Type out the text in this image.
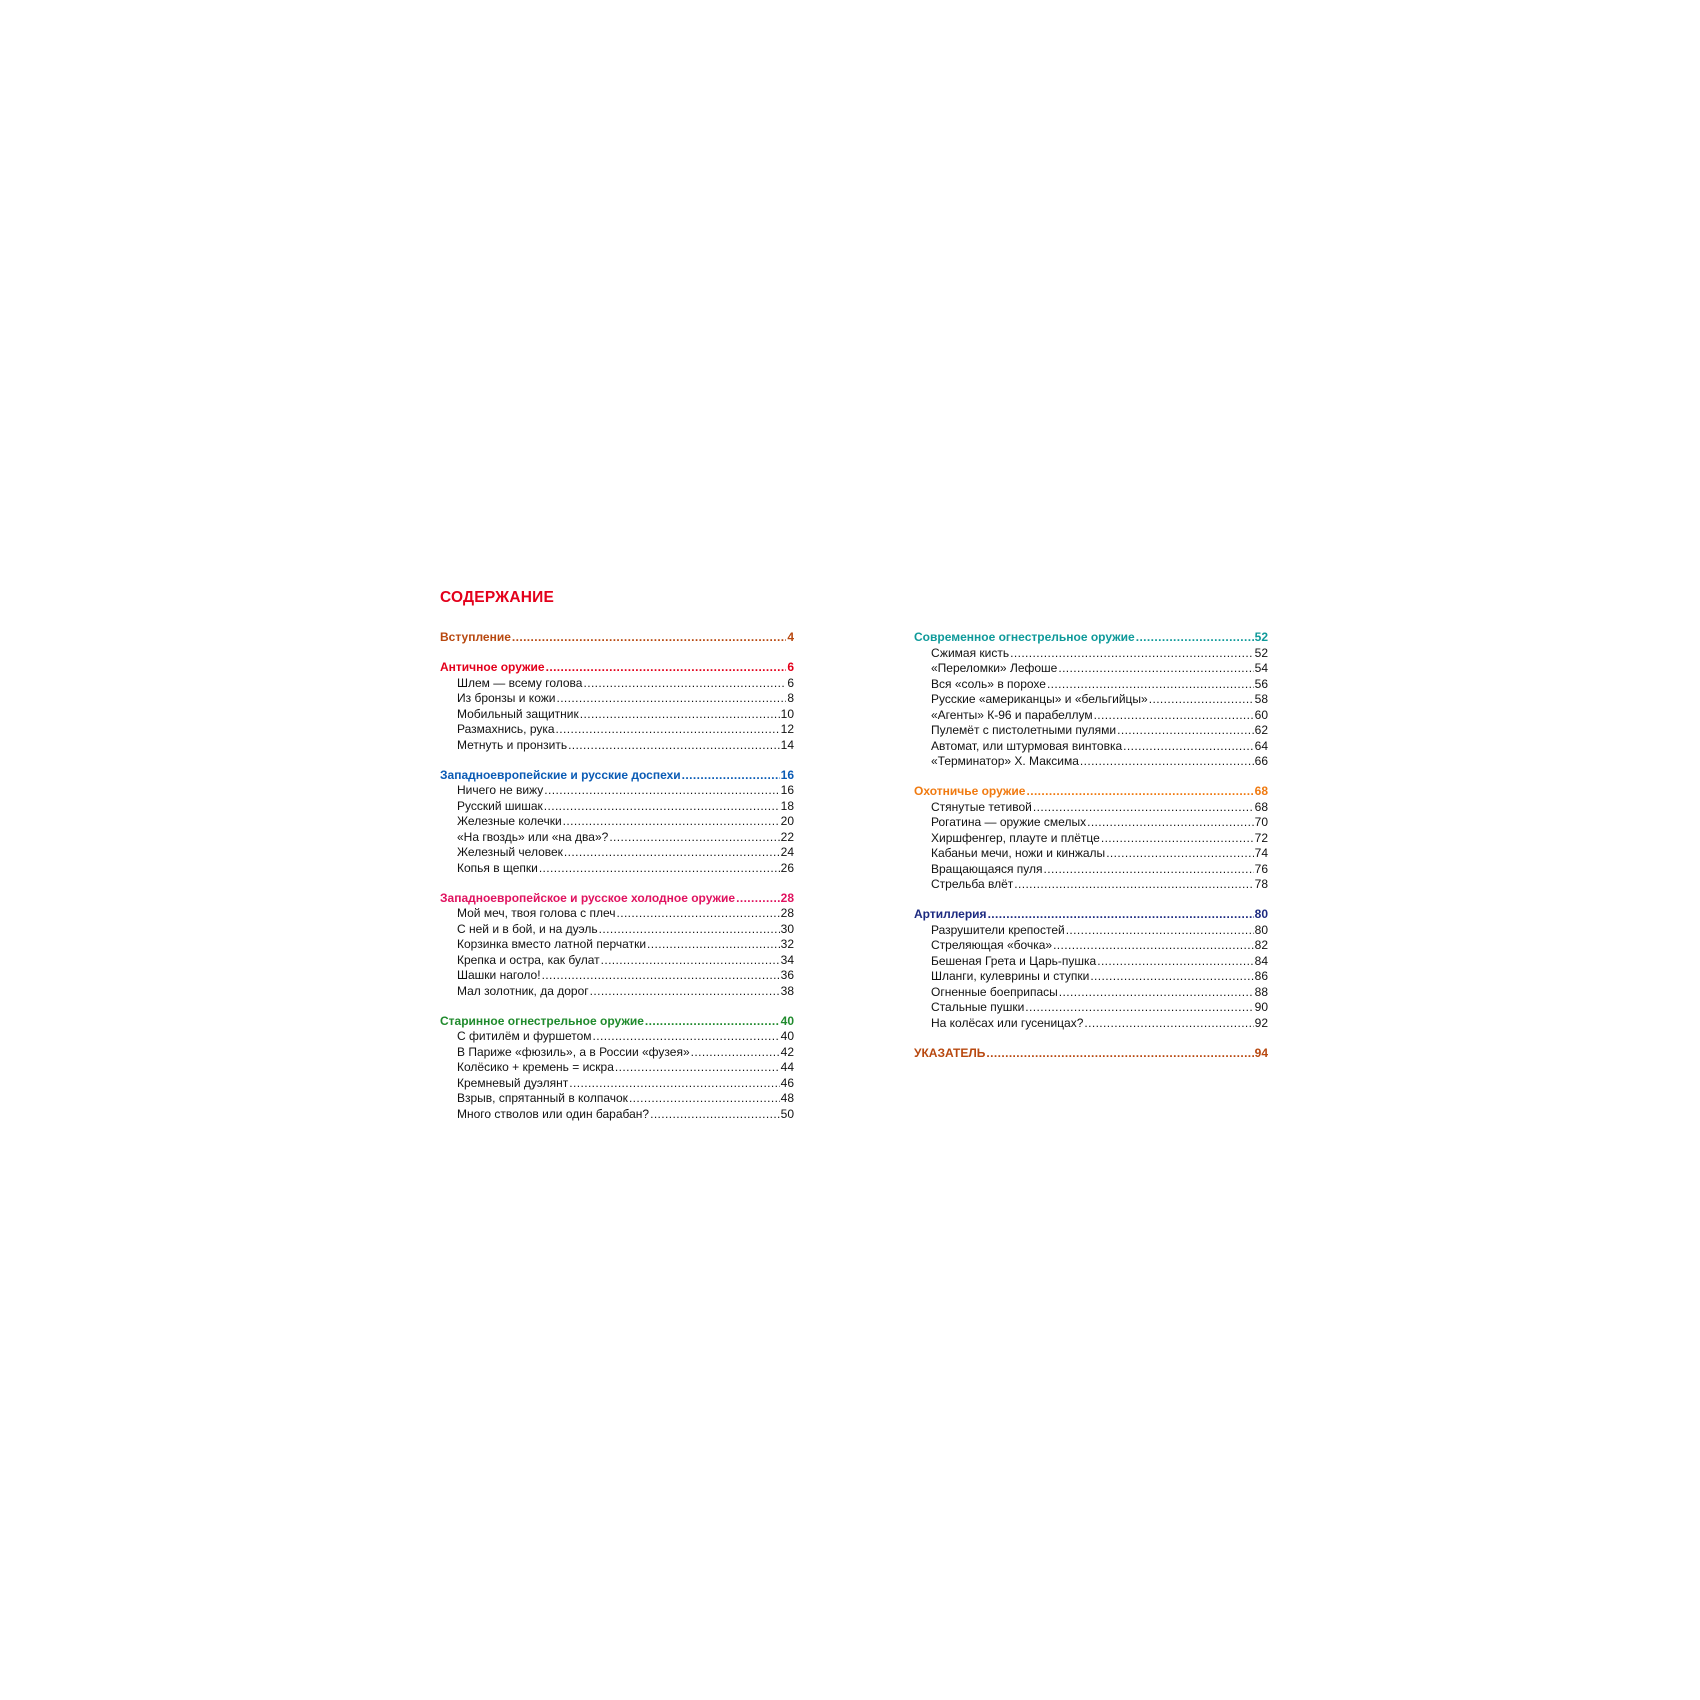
СОДЕРЖАНИЕ
Вступление .....	4
Античное оружие .....	6
Шлем — всему голова .....	6
Из бронзы и кожи .....	8
Мобильный защитник .....	10
Размахнись, рука .....	12
Метнуть и пронзить .....	14
Западноевропейские и русские доспехи .....	16
Ничего не вижу .....	16
Русский шишак .....	18
Железные колечки .....	20
«На гвоздь» или «на два»? .....	22
Железный человек .....	24
Копья в щепки .....	26
Западноевропейское и русское холодное оружие .....	28
Мой меч, твоя голова с плеч .....	28
С ней и в бой, и на дуэль .....	30
Корзинка вместо латной перчатки .....	32
Крепка и остра, как булат .....	34
Шашки наголо! .....	36
Мал золотник, да дорог .....	38
Старинное огнестрельное оружие .....	40
С фитилём и фуршетом .....	40
В Париже «фюзиль», а в России «фузея» .....	42
Колёсико + кремень = искра .....	44
Кремневый дуэлянт .....	46
Взрыв, спрятанный в колпачок .....	48
Много стволов или один барабан? .....	50
Современное огнестрельное оружие .....	52
Сжимая кисть .....	52
«Переломки» Лефоше .....	54
Вся «соль» в порохе .....	56
Русские «американцы» и «бельгийцы» .....	58
«Агенты» К-96 и парабеллум .....	60
Пулемёт с пистолетными пулями .....	62
Автомат, или штурмовая винтовка .....	64
«Терминатор» Х. Максима .....	66
Охотничье оружие .....	68
Стянутые тетивой .....	68
Рогатина — оружие смелых .....	70
Хиршфенгер, плауте и плётце .....	72
Кабаньи мечи, ножи и кинжалы .....	74
Вращающаяся пуля .....	76
Стрельба влёт .....	78
Артиллерия .....	80
Разрушители крепостей .....	80
Стреляющая «бочка» .....	82
Бешеная Грета и Царь-пушка .....	84
Шланги, кулеврины и ступки .....	86
Огненные боеприпасы .....	88
Стальные пушки .....	90
На колёсах или гусеницах? .....	92
УКАЗАТЕЛЬ .....	94
